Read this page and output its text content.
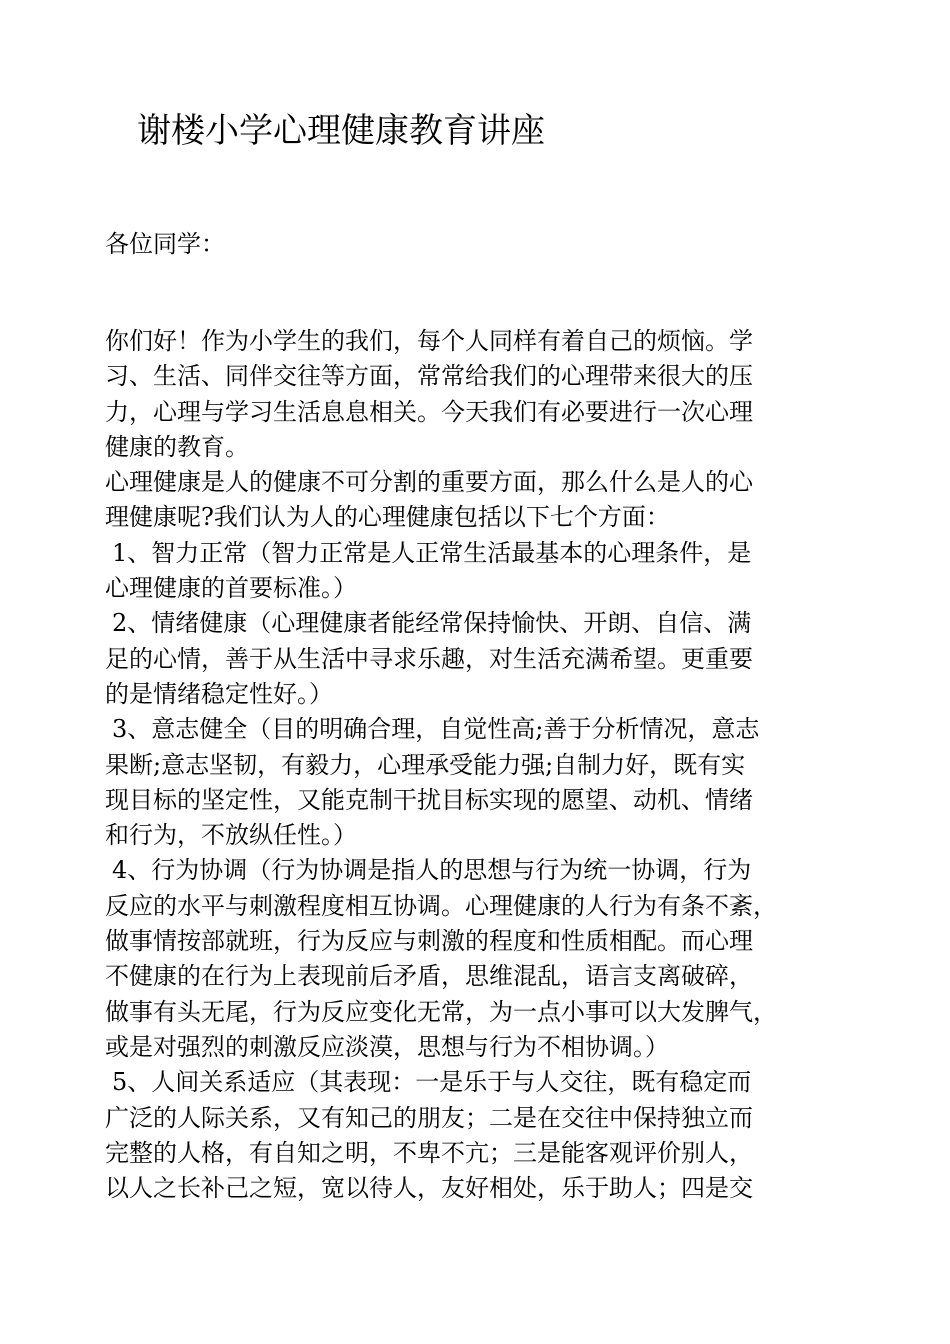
谢楼小学心理健康教育讲座

各位同学：

你们好！作为小学生的我们，每个人同样有着自己的烦恼。学
习、生活、同伴交往等方面，常常给我们的心理带来很大的压
力，心理与学习生活息息相关。今天我们有必要进行一次心理
健康的教育。
心理健康是人的健康不可分割的重要方面，那么什么是人的心
理健康呢?我们认为人的心理健康包括以下七个方面：
1、智力正常（智力正常是人正常生活最基本的心理条件，是
心理健康的首要标准。）
2、情绪健康（心理健康者能经常保持愉快、开朗、自信、满
足的心情，善于从生活中寻求乐趣，对生活充满希望。更重要
的是情绪稳定性好。）
3、意志健全（目的明确合理，自觉性高;善于分析情况，意志
果断;意志坚韧，有毅力，心理承受能力强;自制力好，既有实
现目标的坚定性，又能克制干扰目标实现的愿望、动机、情绪
和行为，不放纵任性。）
4、行为协调（行为协调是指人的思想与行为统一协调，行为
反应的水平与刺激程度相互协调。心理健康的人行为有条不紊，
做事情按部就班，行为反应与刺激的程度和性质相配。而心理
不健康的在行为上表现前后矛盾，思维混乱，语言支离破碎，
做事有头无尾，行为反应变化无常，为一点小事可以大发脾气，
或是对强烈的刺激反应淡漠，思想与行为不相协调。）
5、人间关系适应（其表现：一是乐于与人交往，既有稳定而
广泛的人际关系，又有知己的朋友；二是在交往中保持独立而
完整的人格，有自知之明，不卑不亢；三是能客观评价别人，
以人之长补己之短，宽以待人，友好相处，乐于助人；四是交
